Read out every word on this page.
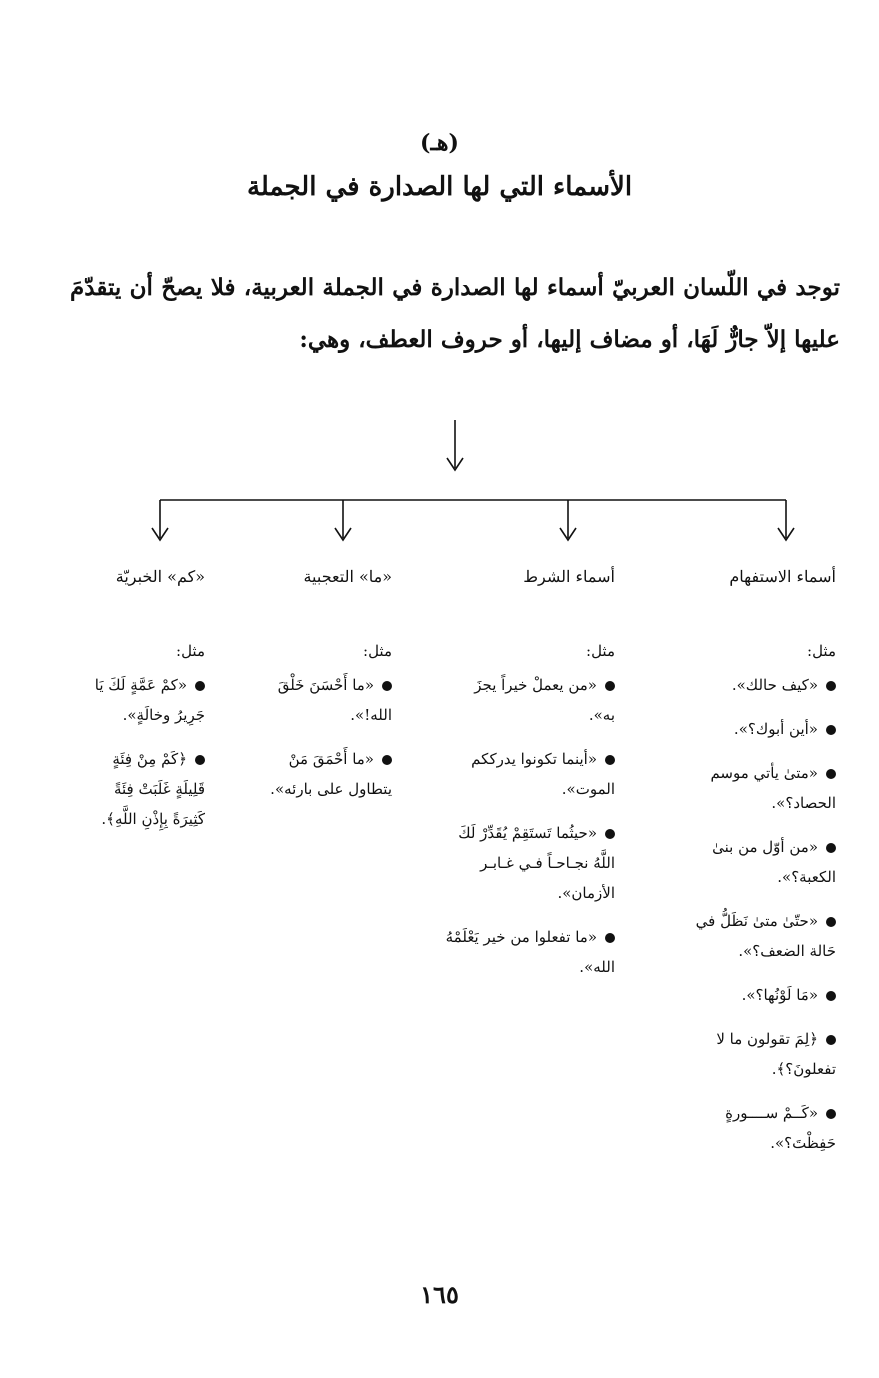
(هـ)
الأسماء التي لها الصدارة في الجملة
توجد في اللّسان العربيّ أسماء لها الصدارة في الجملة العربية، فلا يصحّ أن يتقدّمَ عليها إلاّ جارٌّ لَهَا، أو مضاف إليها، أو حروف العطف، وهي:
أسماء الاستفهام
مثل:
«كيف حالك».
«أين أبوك؟».
«متىٰ يأتي موسم الحصاد؟».
«من أوّل من بنىٰ الكعبة؟».
«حتّىٰ متىٰ نَظَلُّ في حَالة الضعف؟».
«مَا لَوْنُها؟».
﴿لِمَ تقولون ما لا تفعلونَ؟﴾.
«كَــمْ ســــورةٍ حَفِظْتَ؟».
أسماء الشرط
مثل:
«من يعملْ خيراً يجزَ به».
«أينما تكونوا يدرككم الموت».
«حيثُما تَستَقِمْ يُقَدِّرْ لَكَ اللَّهُ نجـاحـاً فـي غـابـر الأزمان».
«ما تفعلوا من خير يَعْلَمْهُ الله».
«ما» التعجبية
مثل:
«ما أَحْسَنَ خَلْقَ الله!».
«ما أَحْمَقَ مَنْ يتطاول على بارئه».
«كم» الخبريّة
مثل:
«كمْ عَمَّةٍ لَكَ يَا جَرِيرُ وخالَةٍ».
﴿كَمْ مِنْ فِئَةٍ قَلِيلَةٍ غَلَبَتْ فِئَةً كَثِيرَةً بِإِذْنِ اللَّهِ﴾.
١٦٥
